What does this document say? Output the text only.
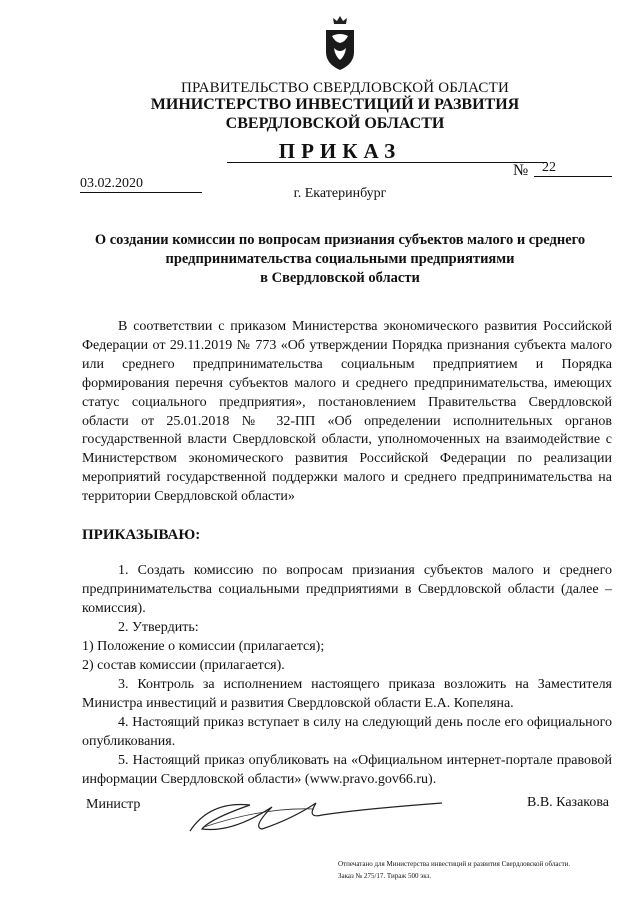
ПРАВИТЕЛЬСТВО СВЕРДЛОВСКОЙ ОБЛАСТИ
МИНИСТЕРСТВО ИНВЕСТИЦИЙ И РАЗВИТИЯ
СВЕРДЛОВСКОЙ ОБЛАСТИ
ПРИКАЗ
03.02.2020
№ 22
г. Екатеринбург
О создании комиссии по вопросам призиания субъектов малого и среднего
предпринимательства социальными предприятиями
в Свердловской области
В соответствии с приказом Министерства экономического развития Российской Федерации от 29.11.2019 № 773 «Об утверждении Порядка признания субъекта малого или среднего предпринимательства социальным предприятием и Порядка формирования перечня субъектов малого и среднего предпринимательства, имеющих статус социального предприятия», постановлением Правительства Свердловской области от 25.01.2018 № 32-ПП «Об определении исполнительных органов государственной власти Свердловской области, уполномоченных на взаимодействие с Министерством экономического развития Российской Федерации по реализации мероприятий государственной поддержки малого и среднего предпринимательства на территории Свердловской области»
ПРИКАЗЫВАЮ:

1. Создать комиссию по вопросам призиания субъектов малого и среднего предпринимательства социальными предприятиями в Свердловской области (далее – комиссия).

2. Утвердить:

1) Положение о комиссии (прилагается);

2) состав комиссии (прилагается).

3. Контроль за исполнением настоящего приказа возложить на Заместителя Министра инвестиций и развития Свердловской области Е.А. Копеляна.

4. Настоящий приказ вступает в силу на следующий день после его официального опубликования.

5. Настоящий приказ опубликовать на «Официальном интернет-портале правовой информации Свердловской области» (www.pravo.gov66.ru).

Министр	В.В. Казакова
Отпечатано для Министерства инвестиций и развития Свердловской области.
Заказ № 275/17. Тираж 500 экз.
